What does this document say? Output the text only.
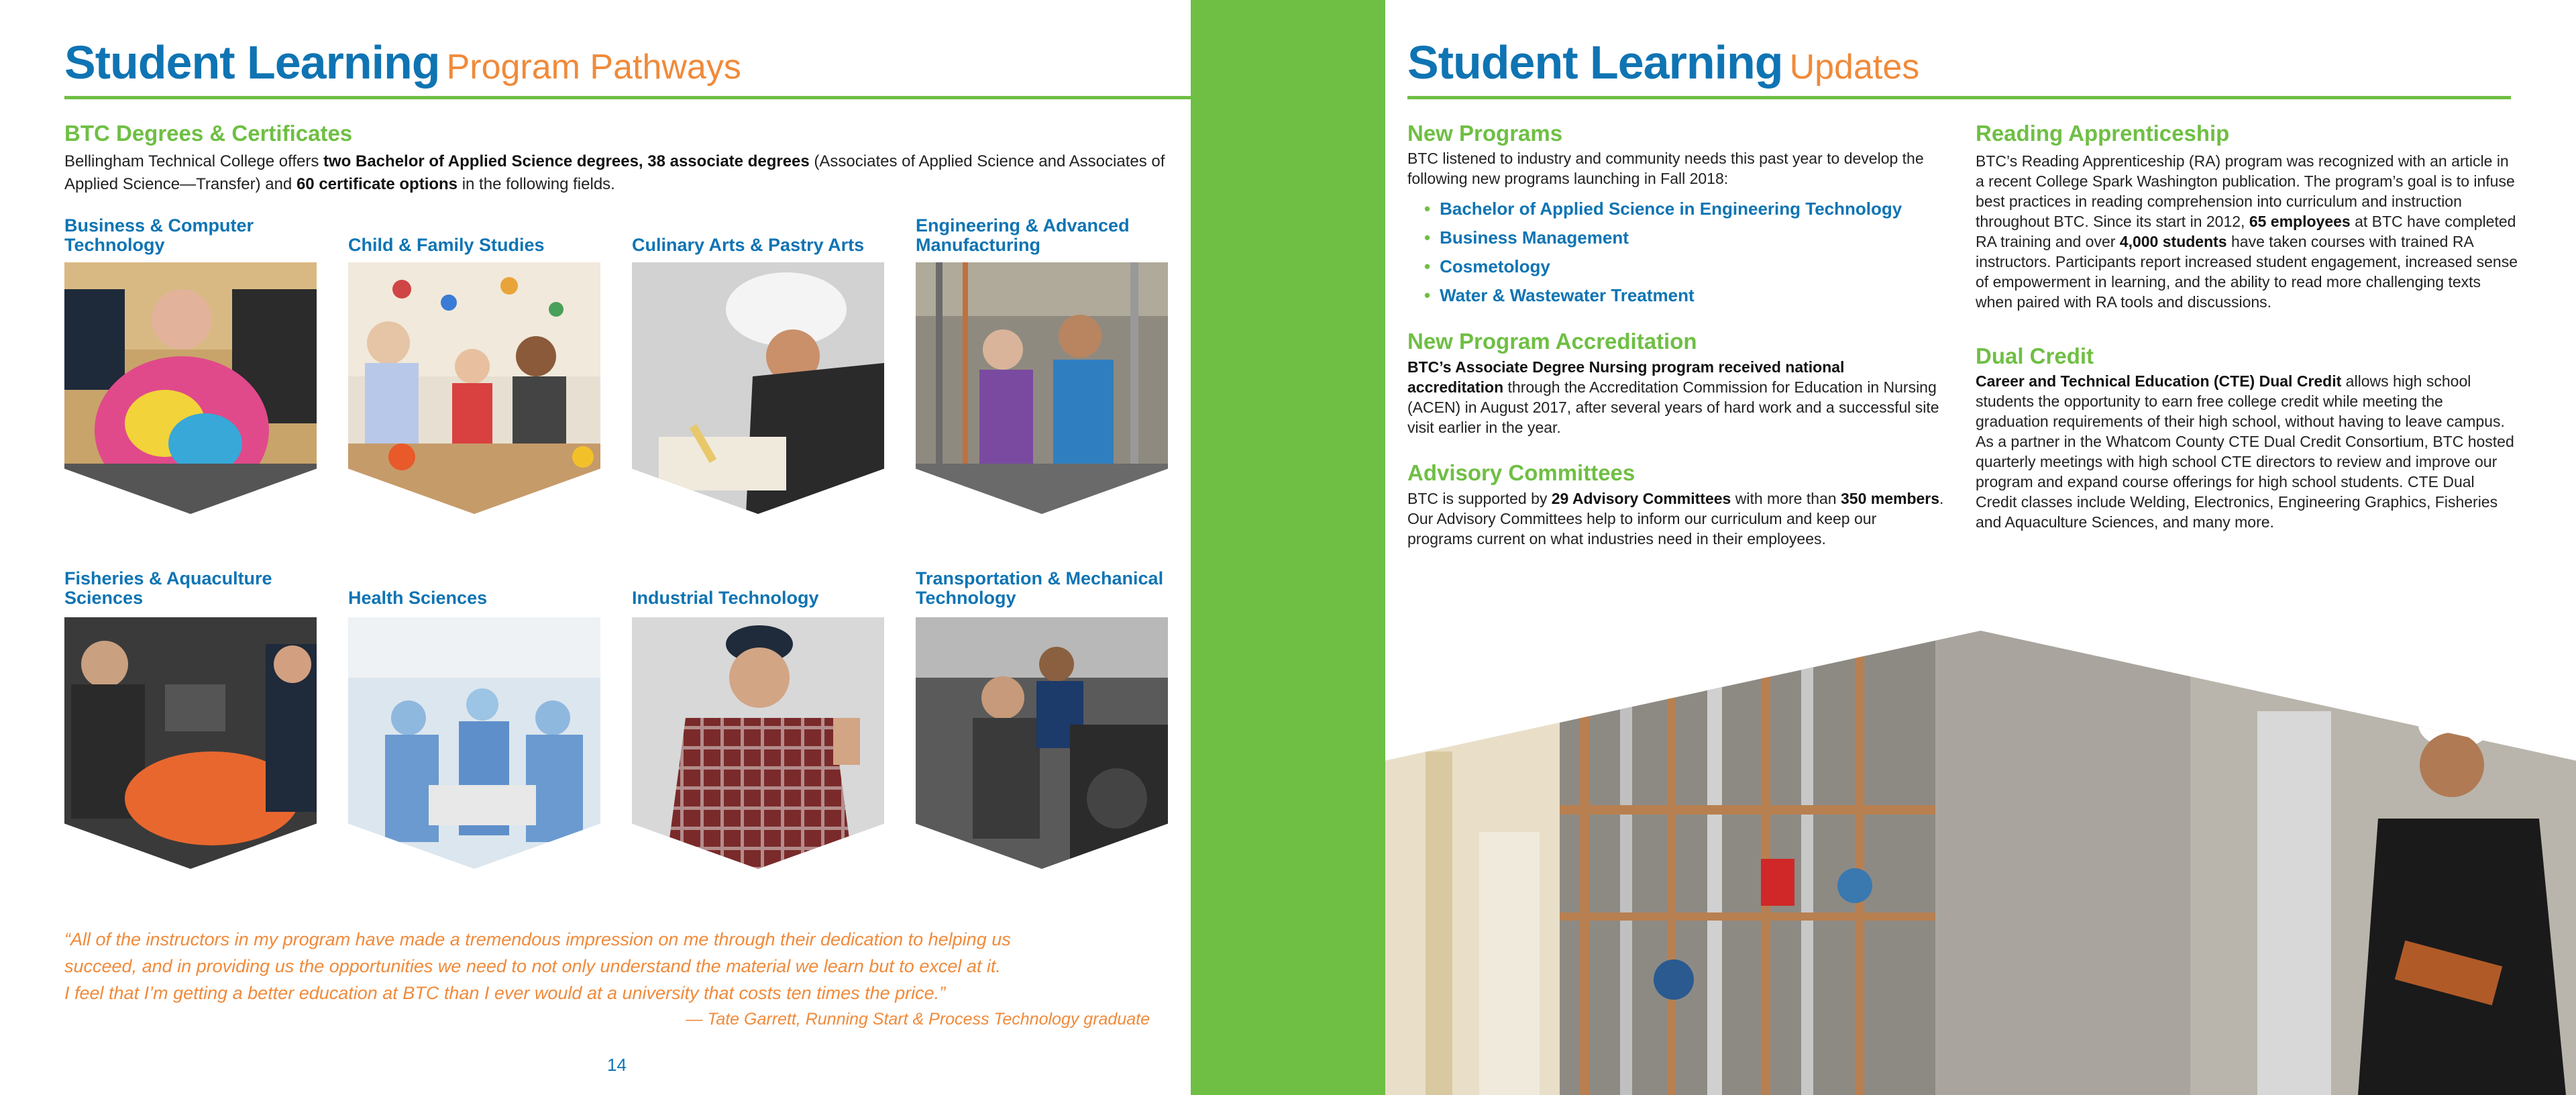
Student Learning Program Pathways
BTC Degrees & Certificates
Bellingham Technical College offers two Bachelor of Applied Science degrees, 38 associate degrees (Associates of Applied Science and Associates of Applied Science—Transfer) and 60 certificate options in the following fields.
Business & Computer Technology	Child & Family Studies	Culinary Arts & Pastry Arts
Engineering & Advanced Manufacturing
Fisheries & Aquaculture Sciences	Health Sciences	Industrial Technology
Transportation & Mechanical Technology
“All of the instructors in my program have made a tremendous impression on me through their dedication to helping us
succeed, and in providing us the opportunities we need to not only understand the material we learn but to excel at it.
I feel that I’m getting a better education at BTC than I ever would at a university that costs ten times the price.”
— Tate Garrett, Running Start & Process Technology graduate
14
Student Learning Updates
New Programs
BTC listened to industry and community needs this past year to develop the following new programs launching in Fall 2018:
• Bachelor of Applied Science in Engineering Technology
• Business Management
• Cosmetology
• Water & Wastewater Treatment
New Program Accreditation
BTC’s Associate Degree Nursing program received national accreditation through the Accreditation Commission for Education in Nursing (ACEN) in August 2017, after several years of hard work and a successful site visit earlier in the year.
Advisory Committees
BTC is supported by 29 Advisory Committees with more than 350 members. Our Advisory Committees help to inform our curriculum and keep our programs current on what industries need in their employees.
Reading Apprenticeship
BTC’s Reading Apprenticeship (RA) program was recognized with an article in a recent College Spark Washington publication. The program’s goal is to infuse best practices in reading comprehension into curriculum and instruction throughout BTC. Since its start in 2012, 65 employees at BTC have completed RA training and over 4,000 students have taken courses with trained RA instructors. Participants report increased student engagement, increased sense of empowerment in learning, and the ability to read more challenging texts when paired with RA tools and discussions.
Dual Credit
Career and Technical Education (CTE) Dual Credit allows high school students the opportunity to earn free college credit while meeting the graduation requirements of their high school, without having to leave campus. As a partner in the Whatcom County CTE Dual Credit Consortium, BTC hosted quarterly meetings with high school CTE directors to review and improve our program and expand course offerings for high school students. CTE Dual Credit classes include Welding, Electronics, Engineering Graphics, Fisheries and Aquaculture Sciences, and many more.
